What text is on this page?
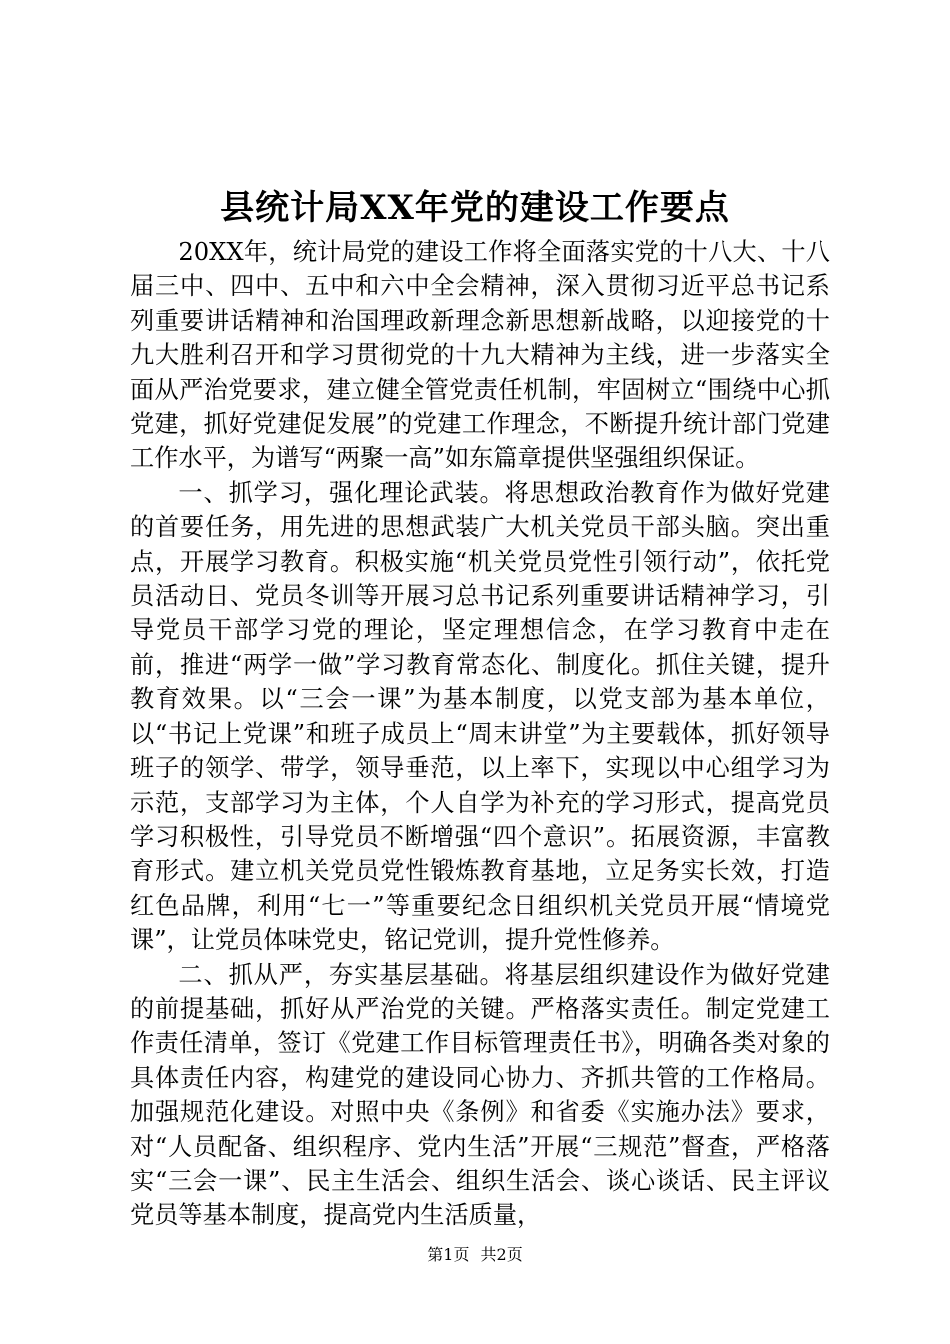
县统计局XX年党的建设工作要点

20XX年，统计局党的建设工作将全面落实党的十八大、十八届三中、四中、五中和六中全会精神，深入贯彻习近平总书记系列重要讲话精神和治国理政新理念新思想新战略，以迎接党的十九大胜利召开和学习贯彻党的十九大精神为主线，进一步落实全面从严治党要求，建立健全管党责任机制，牢固树立“围绕中心抓党建，抓好党建促发展”的党建工作理念，不断提升统计部门党建工作水平，为谱写“两聚一高”如东篇章提供坚强组织保证。

一、抓学习，强化理论武装。将思想政治教育作为做好党建的首要任务，用先进的思想武装广大机关党员干部头脑。突出重点，开展学习教育。积极实施“机关党员党性引领行动”，依托党员活动日、党员冬训等开展习总书记系列重要讲话精神学习，引导党员干部学习党的理论，坚定理想信念，在学习教育中走在前，推进“两学一做”学习教育常态化、制度化。抓住关键，提升教育效果。以“三会一课”为基本制度，以党支部为基本单位，以“书记上党课”和班子成员上“周末讲堂”为主要载体，抓好领导班子的领学、带学，领导垂范，以上率下，实现以中心组学习为示范，支部学习为主体，个人自学为补充的学习形式，提高党员学习积极性，引导党员不断增强“四个意识”。拓展资源，丰富教育形式。建立机关党员党性锻炼教育基地，立足务实长效，打造红色品牌，利用“七一”等重要纪念日组织机关党员开展“情境党课”，让党员体味党史，铭记党训，提升党性修养。

二、抓从严，夯实基层基础。将基层组织建设作为做好党建的前提基础，抓好从严治党的关键。严格落实责任。制定党建工作责任清单，签订《党建工作目标管理责任书》，明确各类对象的具体责任内容，构建党的建设同心协力、齐抓共管的工作格局。加强规范化建设。对照中央《条例》和省委《实施办法》要求，对“人员配备、组织程序、党内生活”开展“三规范”督查，严格落实“三会一课”、民主生活会、组织生活会、谈心谈话、民主评议党员等基本制度，提高党内生活质量，

第1页 共2页
